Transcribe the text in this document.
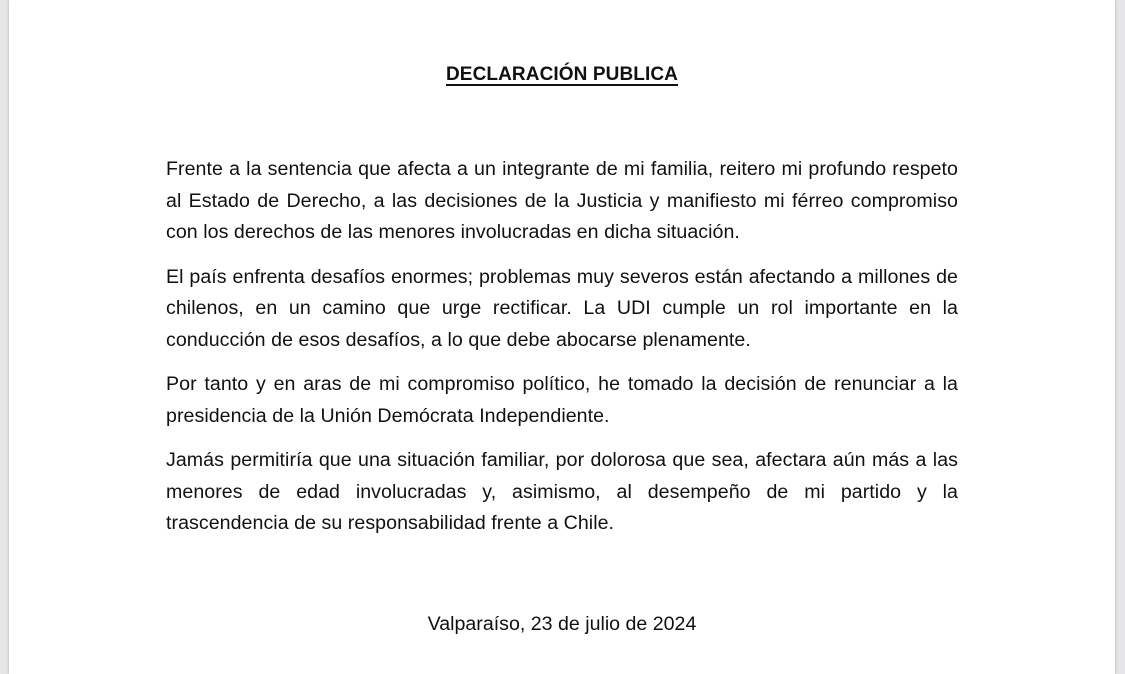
DECLARACIÓN PUBLICA

Frente a la sentencia que afecta a un integrante de mi familia, reitero mi profundo respeto al Estado de Derecho, a las decisiones de la Justicia y manifiesto mi férreo compromiso con los derechos de las menores involucradas en dicha situación.

El país enfrenta desafíos enormes; problemas muy severos están afectando a millones de chilenos, en un camino que urge rectificar. La UDI cumple un rol importante en la conducción de esos desafíos, a lo que debe abocarse plenamente.

Por tanto y en aras de mi compromiso político, he tomado la decisión de renunciar a la presidencia de la Unión Demócrata Independiente.

Jamás permitiría que una situación familiar, por dolorosa que sea, afectara aún más a las menores de edad involucradas y, asimismo, al desempeño de mi partido y la trascendencia de su responsabilidad frente a Chile.

Valparaíso, 23 de julio de 2024
